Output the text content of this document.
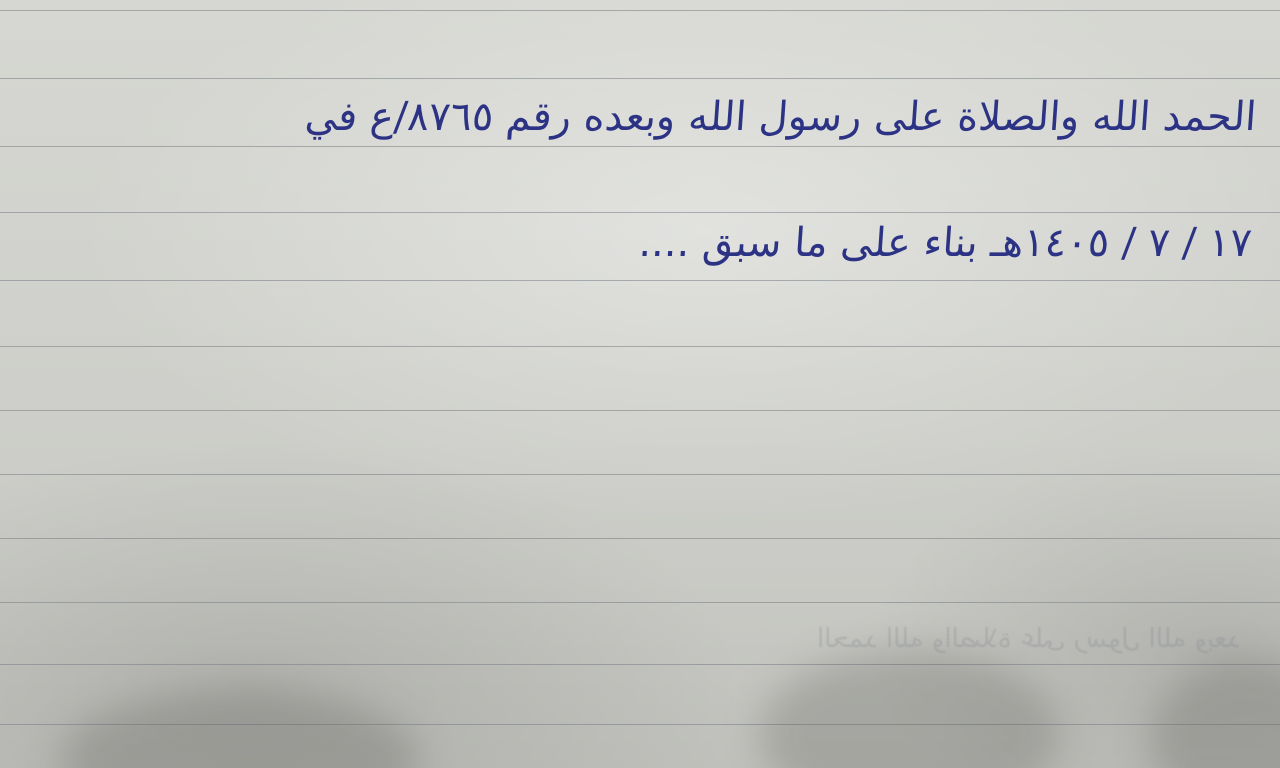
الحمد الله والصلاة على رسول الله وبعد
الحمد الله والصلاة على رسول الله وبعده رقم ٨٧٦٥/ع في
١٧ / ٧ / ١٤٠٥هـ بناء على ما سبق ....
